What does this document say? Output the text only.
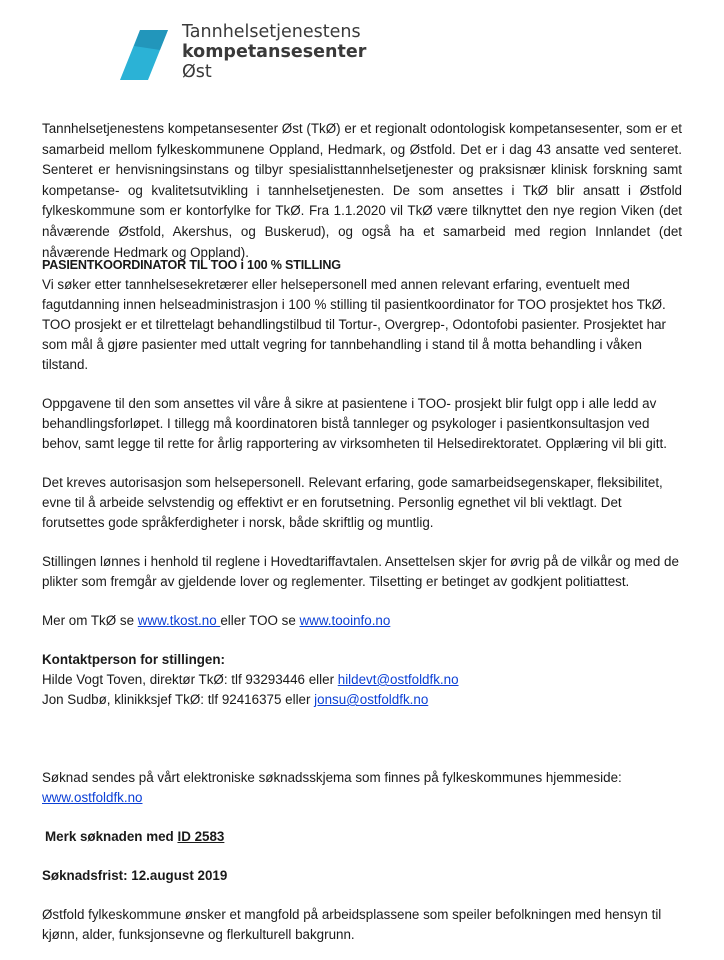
Tannhelsetjenestens
kompetansesenter
Øst
Tannhelsetjenestens kompetansesenter Øst (TkØ) er et regionalt odontologisk kompetansesenter, som er et samarbeid mellom fylkeskommunene Oppland, Hedmark, og Østfold. Det er i dag 43 ansatte ved senteret. Senteret er henvisningsinstans og tilbyr spesialisttannhelsetjenester og praksisnær klinisk forskning samt kompetanse- og kvalitetsutvikling i tannhelsetjenesten. De som ansettes i TkØ blir ansatt i Østfold fylkeskommune som er kontorfylke for TkØ. Fra 1.1.2020 vil TkØ være tilknyttet den nye region Viken (det nåværende Østfold, Akershus, og Buskerud), og også ha et samarbeid med region Innlandet (det nåværende Hedmark og Oppland).

PASIENTKOORDINATOR TIL TOO i 100 % STILLING

Vi søker etter tannhelsesekretærer eller helsepersonell med annen relevant erfaring, eventuelt med fagutdanning innen helseadministrasjon i 100 % stilling til pasientkoordinator for TOO prosjektet hos TkØ. TOO prosjekt er et tilrettelagt behandlingstilbud til Tortur-, Overgrep-, Odontofobi pasienter. Prosjektet har som mål å gjøre pasienter med uttalt vegring for tannbehandling i stand til å motta behandling i våken tilstand.

Oppgavene til den som ansettes vil våre å sikre at pasientene i TOO- prosjekt blir fulgt opp i alle ledd av behandlingsforløpet. I tillegg må koordinatoren bistå tannleger og psykologer i pasientkonsultasjon ved behov, samt legge til rette for årlig rapportering av virksomheten til Helsedirektoratet. Opplæring vil bli gitt.

Det kreves autorisasjon som helsepersonell. Relevant erfaring, gode samarbeidsegenskaper, fleksibilitet, evne til å arbeide selvstendig og effektivt er en forutsetning. Personlig egnethet vil bli vektlagt. Det forutsettes gode språkferdigheter i norsk, både skriftlig og muntlig.

Stillingen lønnes i henhold til reglene i Hovedtariffavtalen. Ansettelsen skjer for øvrig på de vilkår og med de plikter som fremgår av gjeldende lover og reglementer. Tilsetting er betinget av godkjent politiattest.

Mer om TkØ se www.tkost.no eller TOO se www.tooinfo.no

Kontaktperson for stillingen:

Hilde Vogt Toven, direktør TkØ: tlf 93293446 eller hildevt@ostfoldfk.no

Jon Sudbø, klinikksjef TkØ: tlf 92416375 eller jonsu@ostfoldfk.no

Søknad sendes på vårt elektroniske søknadsskjema som finnes på fylkeskommunes hjemmeside:

www.ostfoldfk.no

Merk søknaden med ID 2583

Søknadsfrist: 12.august 2019

Østfold fylkeskommune ønsker et mangfold på arbeidsplassene som speiler befolkningen med hensyn til kjønn, alder, funksjonsevne og flerkulturell bakgrunn.
